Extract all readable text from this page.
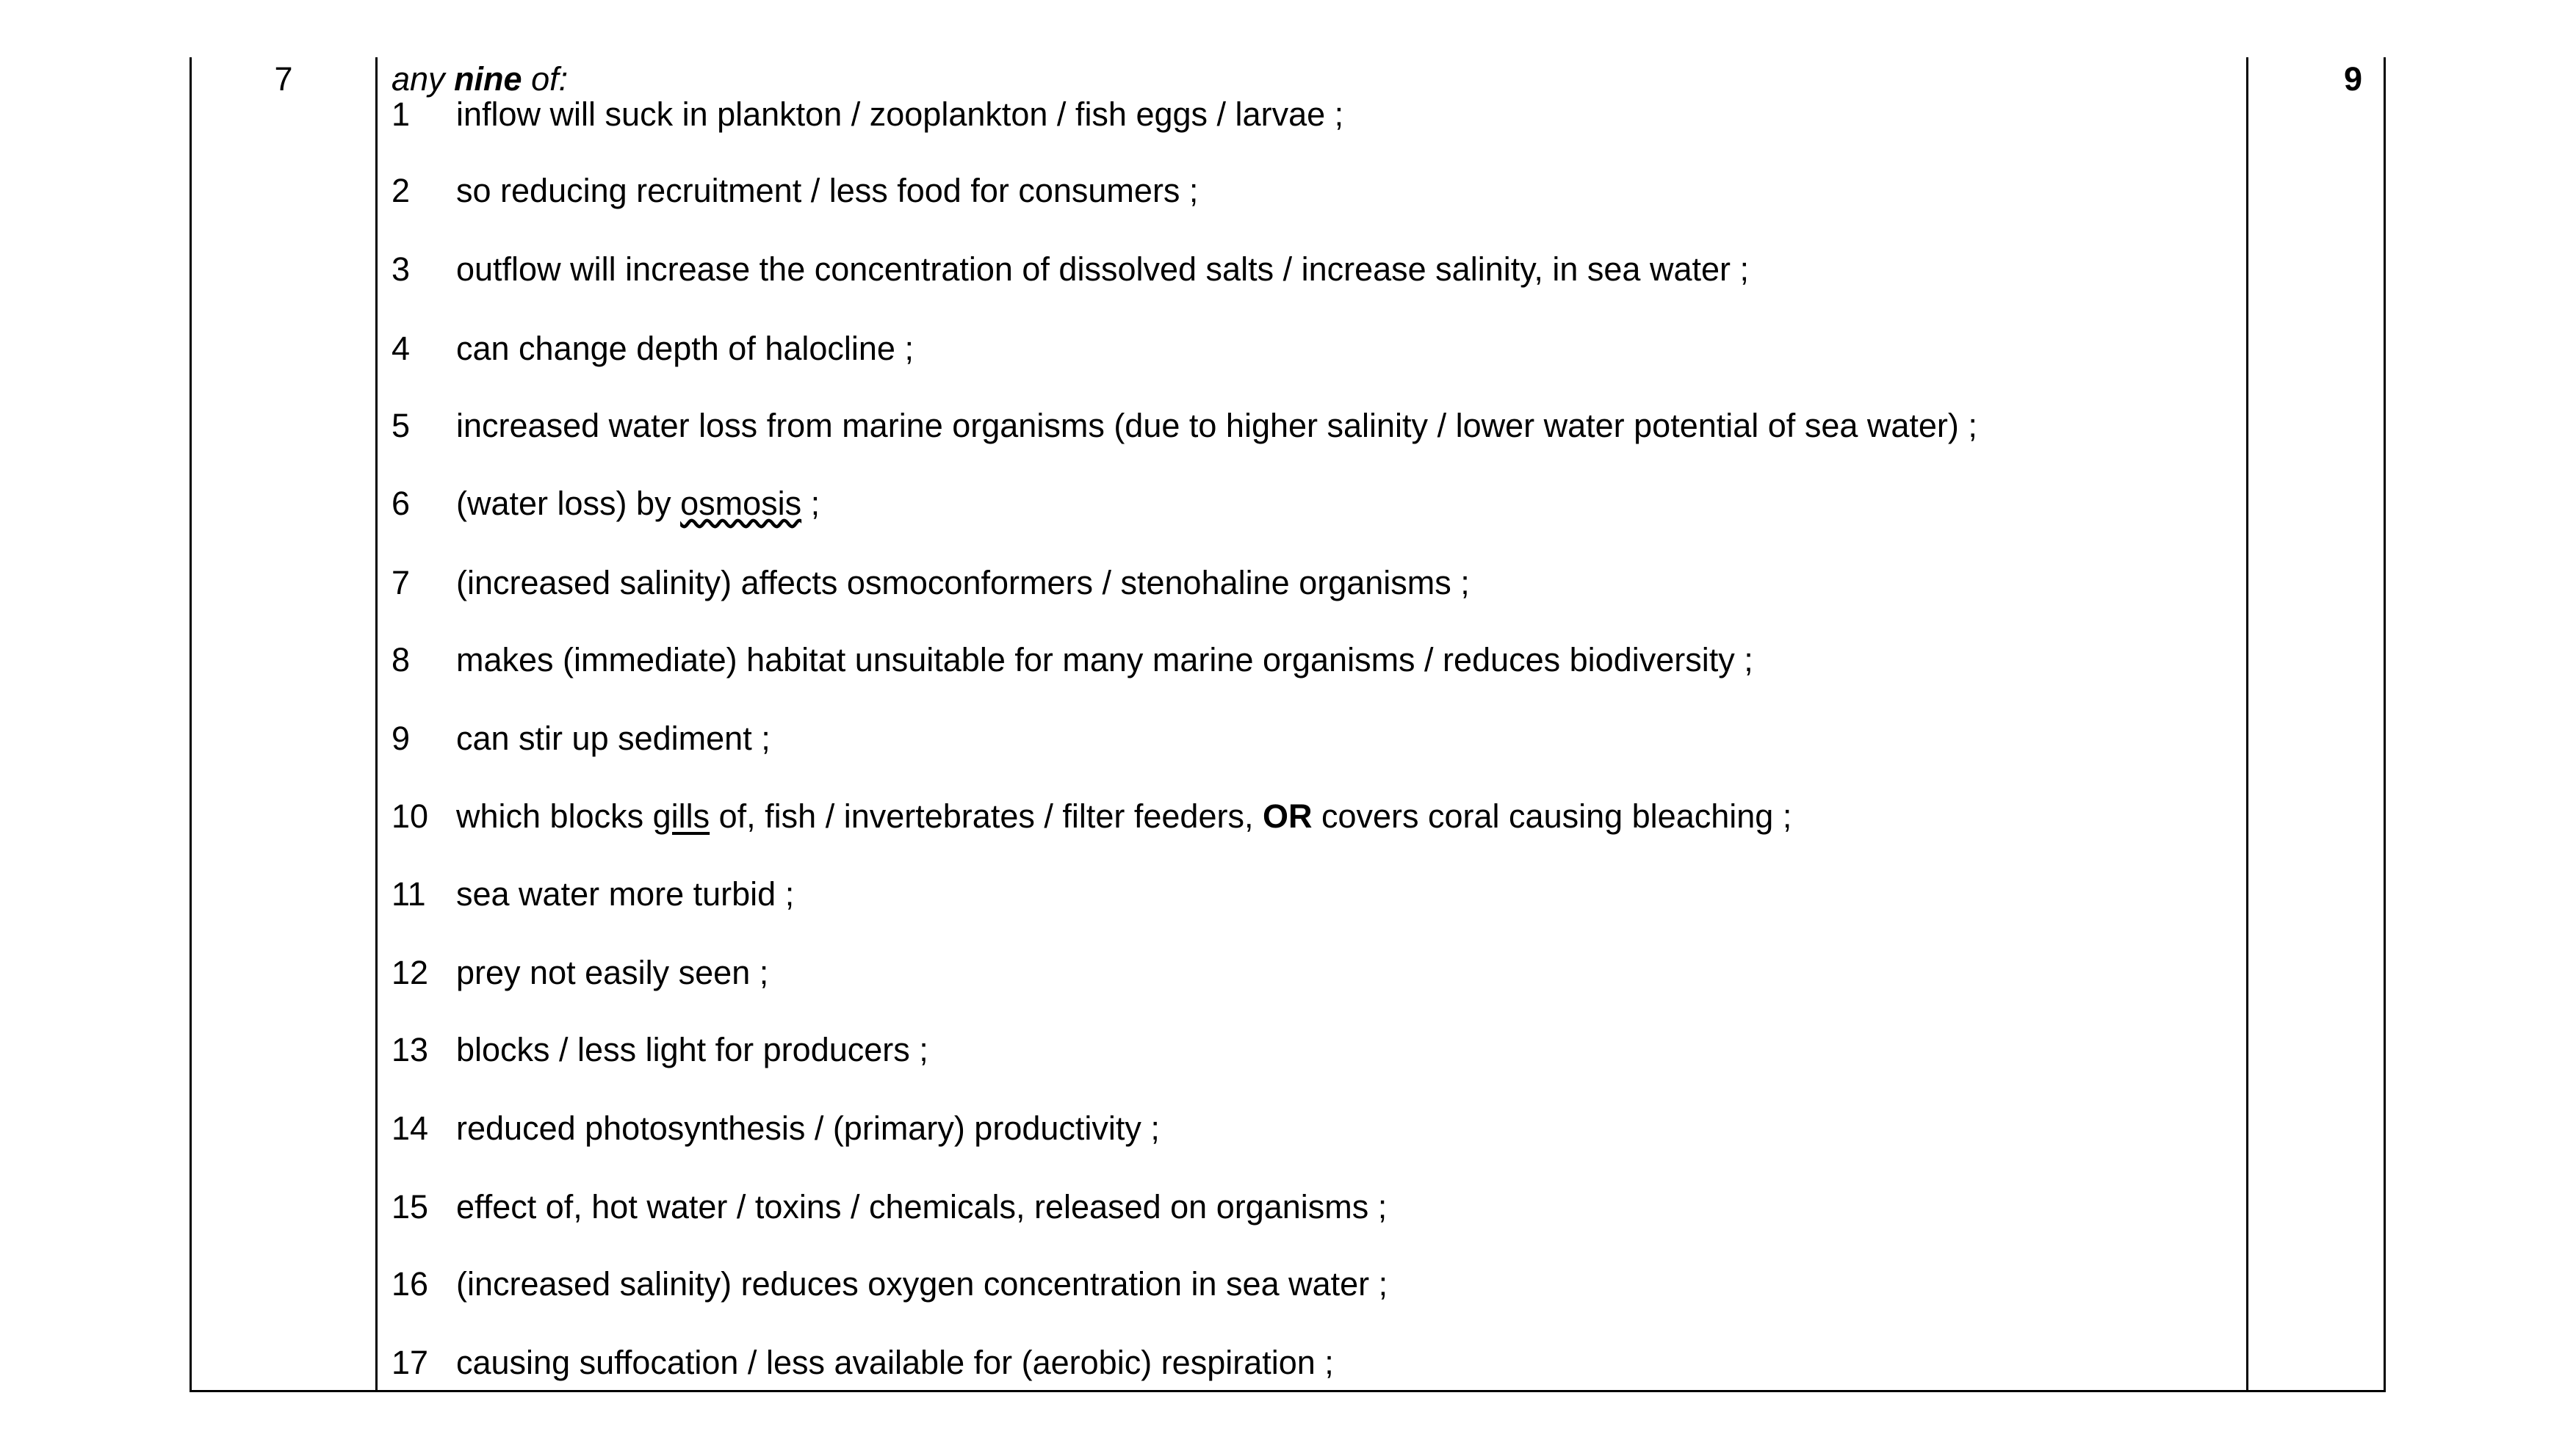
7	any nine of:
1 inflow will suck in plankton / zooplankton / fish eggs / larvae ;
2 so reducing recruitment / less food for consumers ;
3 outflow will increase the concentration of dissolved salts / increase salinity, in sea water ;
4 can change depth of halocline ;
5 increased water loss from marine organisms (due to higher salinity / lower water potential of sea water) ;
6 (water loss) by osmosis ;
7 (increased salinity) affects osmoconformers / stenohaline organisms ;
8 makes (immediate) habitat unsuitable for many marine organisms / reduces biodiversity ;
9 can stir up sediment ;
10 which blocks gills of, fish / invertebrates / filter feeders, OR covers coral causing bleaching ;
11 sea water more turbid ;
12 prey not easily seen ;
13 blocks / less light for producers ;
14 reduced photosynthesis / (primary) productivity ;
15 effect of, hot water / toxins / chemicals, released on organisms ;
16 (increased salinity) reduces oxygen concentration in sea water ;
17 causing suffocation / less available for (aerobic) respiration ;
9
